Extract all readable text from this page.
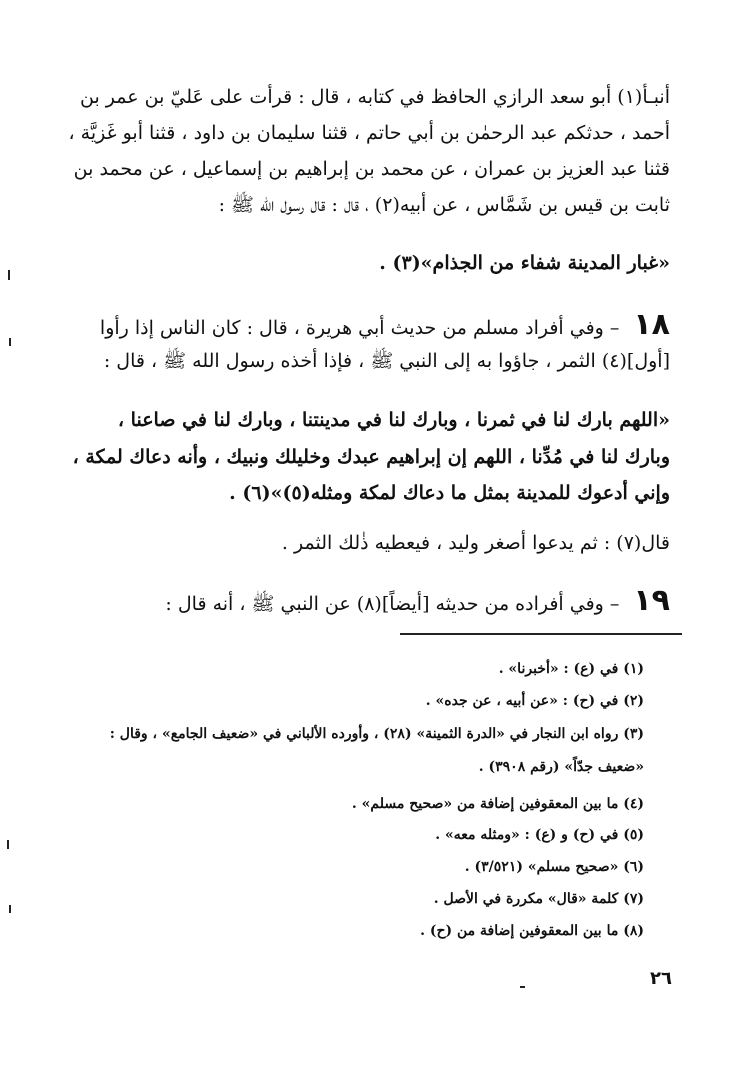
أنبـأ(١) أبو سعد الرازي الحافظ في كتابه ، قال : قرأت على عَليّ بن عمر بن
أحمد ، حدثكم عبد الرحمٰن بن أبي حاتم ، قثنا سليمان بن داود ، قثنا أبو غَزيَّة ،
قثنا عبد العزيز بن عمران ، عن محمد بن إبراهيم بن إسماعيل ، عن محمد بن
ثابت بن قيس بن شَمَّاس ، عن أبيه(٢) ، قال : قال رسول الله ﷺ :
«غبار المدينة شفاء من الجذام»(٣) .
١٨– وفي أفراد مسلم من حديث أبي هريرة ، قال : كان الناس إذا رأوا
[أول](٤) الثمر ، جاؤوا به إلى النبي ﷺ ، فإذا أخذه رسول الله ﷺ ، قال :
«اللهم بارك لنا في ثمرنا ، وبارك لنا في مدينتنا ، وبارك لنا في صاعنا ،
وبارك لنا في مُدِّنا ، اللهم إن إبراهيم عبدك وخليلك ونبيك ، وأنه دعاك لمكة ،
وإني أدعوك للمدينة بمثل ما دعاك لمكة ومثله(٥)»(٦) .
قال(٧) : ثم يدعوا أصغر وليد ، فيعطيه ذٰلك الثمر .
١٩– وفي أفراده من حديثه [أيضاً](٨) عن النبي ﷺ ، أنه قال :
(١) في (ع) : «أخبرنا» .
(٢) في (ح) : «عن أبيه ، عن جده» .
(٣) رواه ابن النجار في «الدرة الثمينة» (٢٨) ، وأورده الألباني في «ضعيف الجامع» ، وقال :
«ضعيف جدّاً» (رقم ٣٩٠٨) .
(٤) ما بين المعقوفين إضافة من «صحيح مسلم» .
(٥) في (ح) و (ع) : «ومثله معه» .
(٦) «صحيح مسلم» (٣/٥٢١) .
(٧) كلمة «قال» مكررة في الأصل .
(٨) ما بين المعقوفين إضافة من (ح) .
٢٦
